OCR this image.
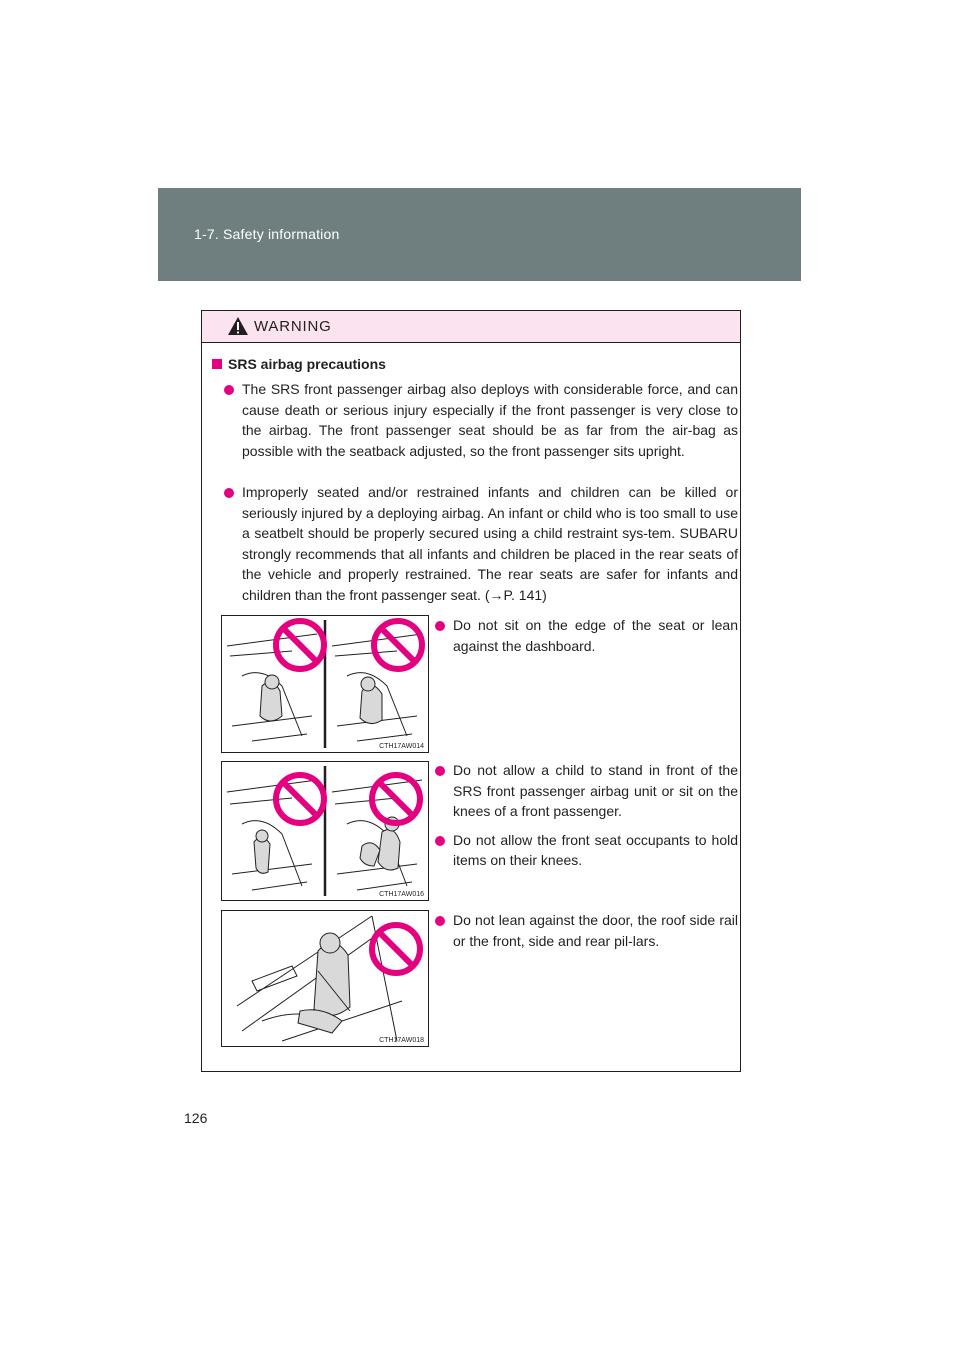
1-7. Safety information
WARNING
SRS airbag precautions
The SRS front passenger airbag also deploys with considerable force, and can cause death or serious injury especially if the front passenger is very close to the airbag. The front passenger seat should be as far from the air-bag as possible with the seatback adjusted, so the front passenger sits upright.
Improperly seated and/or restrained infants and children can be killed or seriously injured by a deploying airbag. An infant or child who is too small to use a seatbelt should be properly secured using a child restraint sys-tem. SUBARU strongly recommends that all infants and children be placed in the rear seats of the vehicle and properly restrained. The rear seats are safer for infants and children than the front passenger seat. (→P. 141)
CTH17AW014
Do not sit on the edge of the seat or lean against the dashboard.
CTH17AW016
Do not allow a child to stand in front of the SRS front passenger airbag unit or sit on the knees of a front passenger.
Do not allow the front seat occupants to hold items on their knees.
CTH17AW018
Do not lean against the door, the roof side rail or the front, side and rear pil-lars.
126
